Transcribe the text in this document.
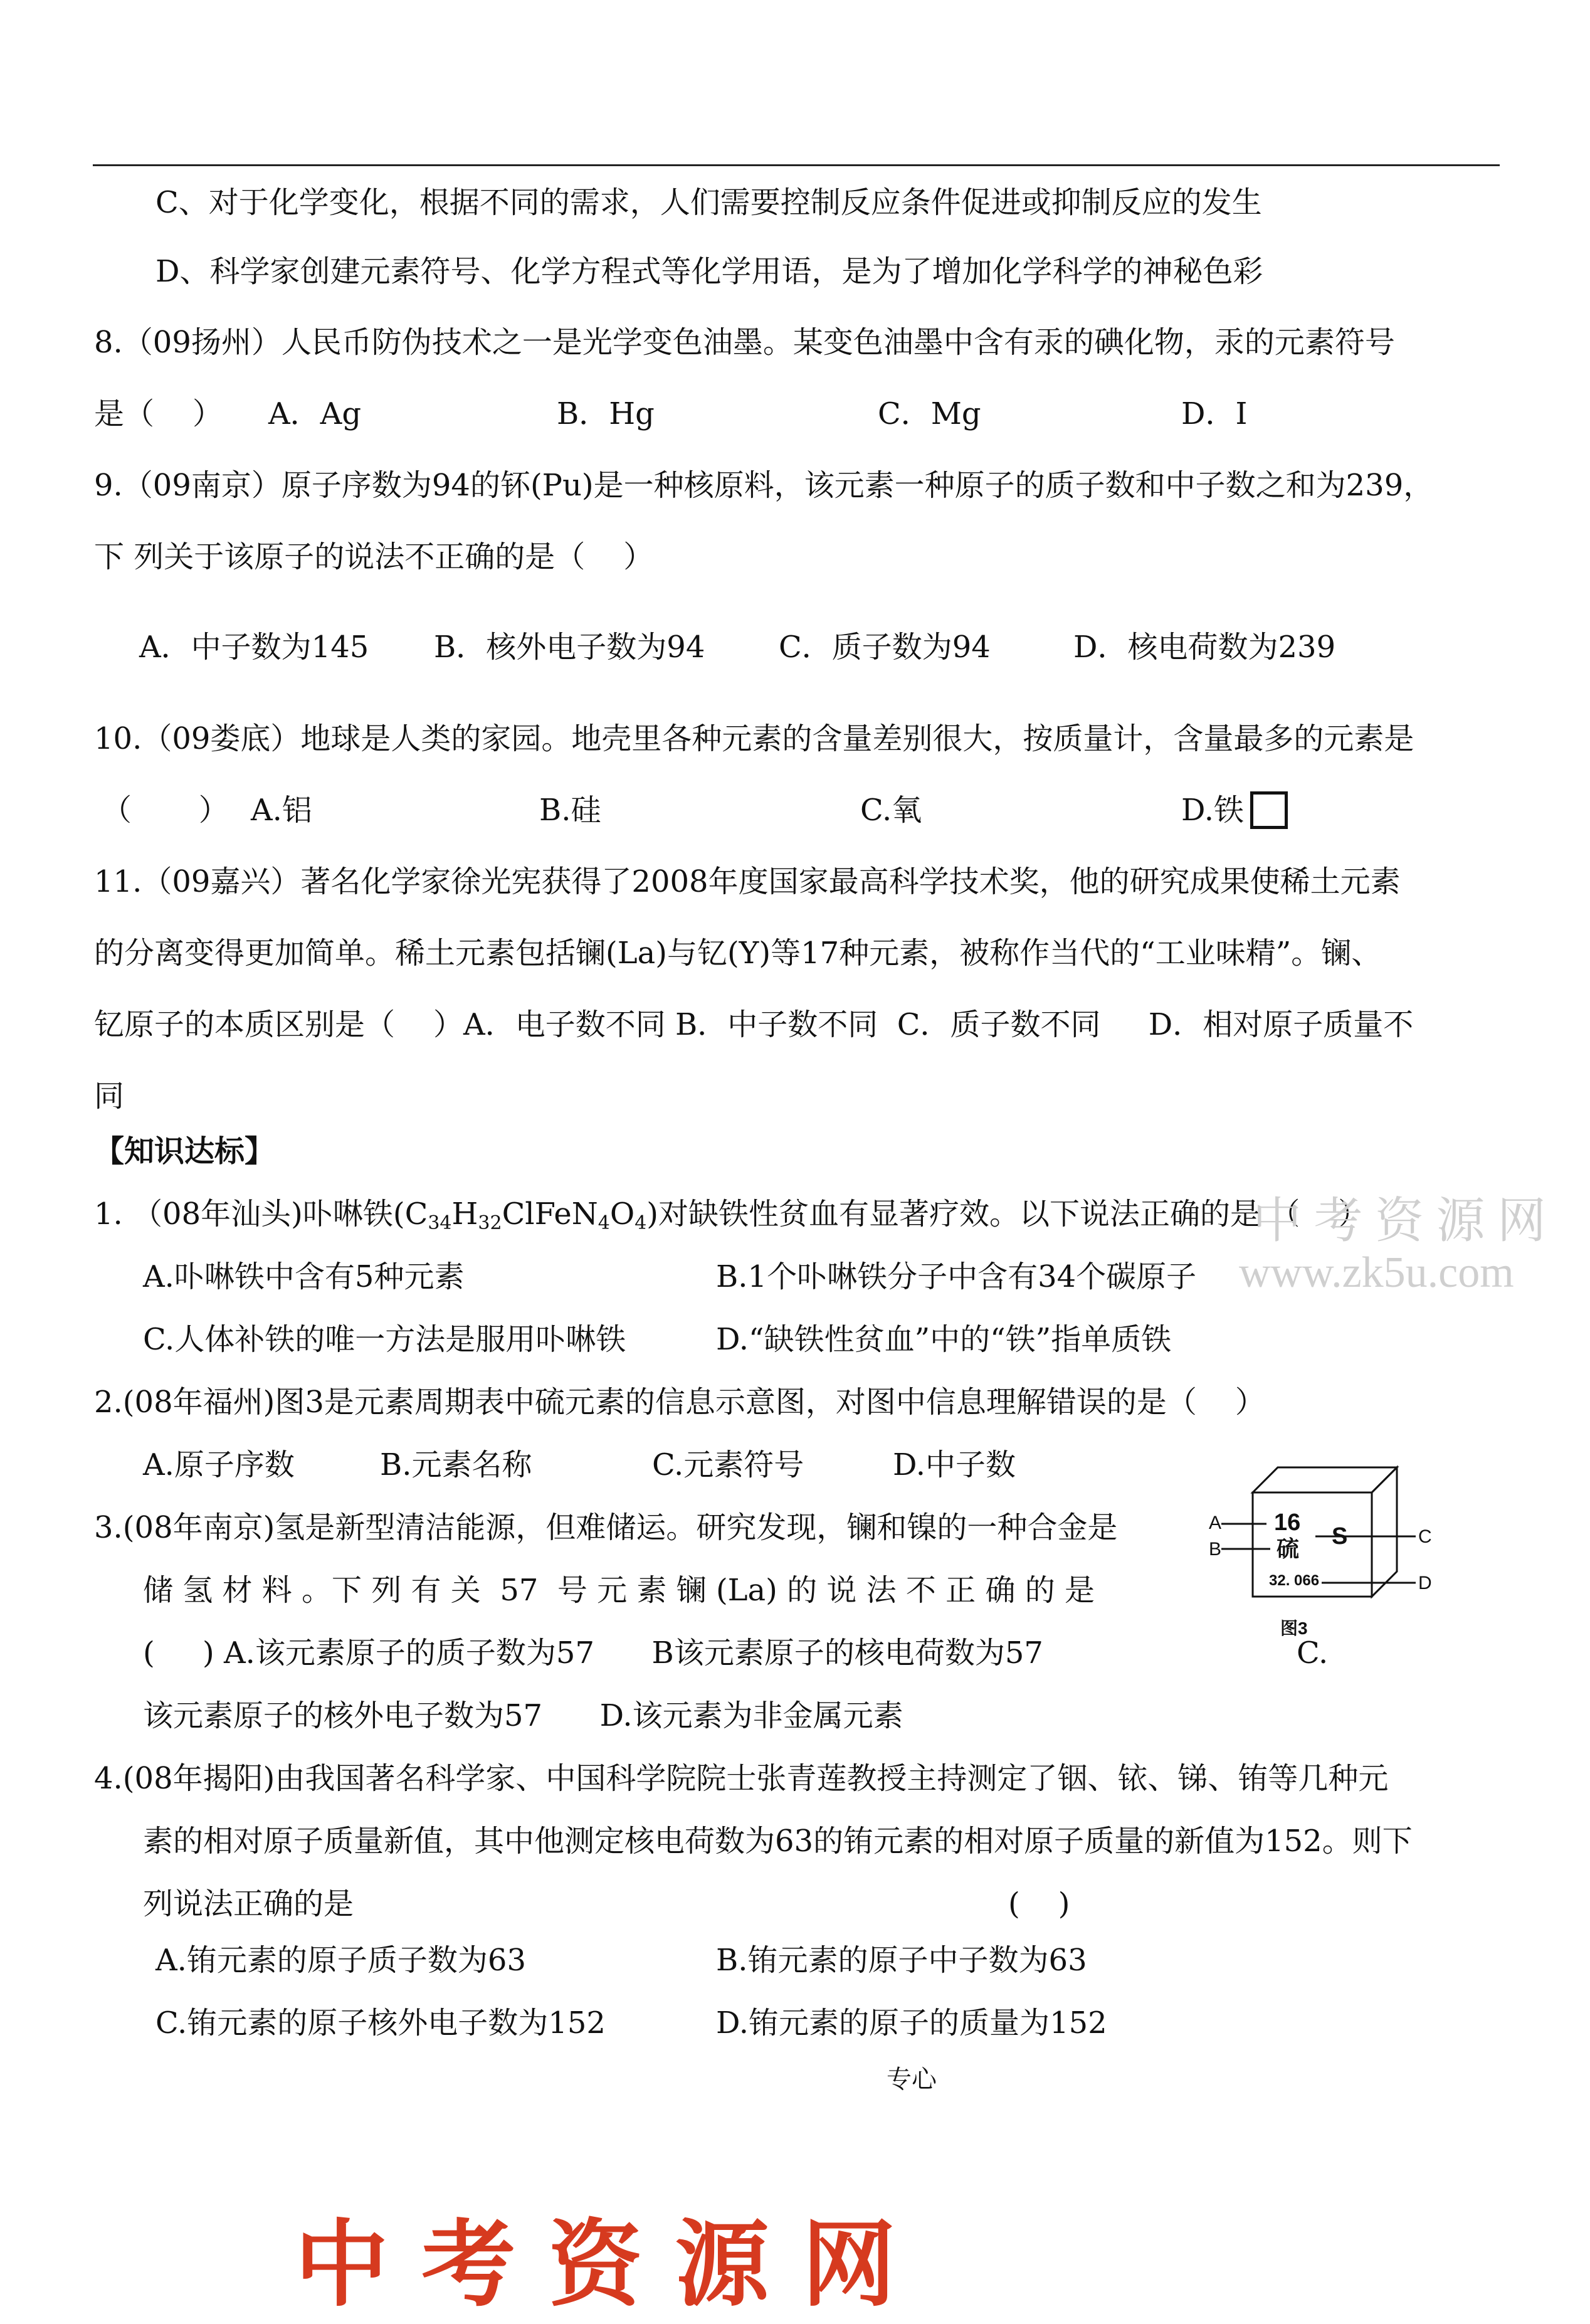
C、对于化学变化，根据不同的需求，人们需要控制反应条件促进或抑制反应的发生
D、科学家创建元素符号、化学方程式等化学用语，是为了增加化学科学的神秘色彩
8.（09扬州）人民币防伪技术之一是光学变色油墨。某变色油墨中含有汞的碘化物，汞的元素符号
是（    ） A．Ag	B．Hg	C．Mg	D．I
9.（09南京）原子序数为94的钚(Pu)是一种核原料，该元素一种原子的质子数和中子数之和为239，
下 列关于该原子的说法不正确的是（    ）
A．中子数为145 B．核外电子数为94 C．质子数为94	D．核电荷数为239
10.（09娄底）地球是人类的家园。地壳里各种元素的含量差别很大，按质量计，含量最多的元素是
（       ） A.铝	B.硅	C.氧	D.铁
11.（09嘉兴）著名化学家徐光宪获得了2008年度国家最高科学技术奖，他的研究成果使稀土元素
的分离变得更加简单。稀土元素包括镧(La)与钇(Y)等17种元素，被称作当代的“工业味精”。镧、
钇原子的本质区别是（    ）A．电子数不同 B．中子数不同  C．质子数不同     D．相对原子质量不
同
【知识达标】
1. （08年汕头)卟啉铁$(C_{34}H_{32}ClFeN_4O_4)$对缺铁性贫血有显著疗效。以下说法正确的是 （    ）
A.卟啉铁中含有5种元素	B.1个卟啉铁分子中含有34个碳原子
C.人体补铁的唯一方法是服用卟啉铁	D.“缺铁性贫血”中的“铁”指单质铁
2.(08年福州)图3是元素周期表中硫元素的信息示意图，对图中信息理解错误的是（    ）
A.原子序数	B.元素名称	C.元素符号	D.中子数
3.(08年南京)氢是新型清洁能源，但难储运。研究发现，镧和镍的一种合金是
储 氢 材 料 。下 列 有 关  57  号 元 素 镧 (La) 的 说 法 不 正 确 的 是
(     ) A.该元素原子的质子数为57      B该元素原子的核电荷数为57	C.
该元素原子的核外电子数为57      D.该元素为非金属元素
A
B
C
D
16
硫 S
32. 066
图3
4.(08年揭阳)由我国著名科学家、中国科学院院士张青莲教授主持测定了铟、铱、锑、铕等几种元
素的相对原子质量新值，其中他测定核电荷数为63的铕元素的相对原子质量的新值为152。则下
列说法正确的是	(    )
A.铕元素的原子质子数为63	B.铕元素的原子中子数为63
C.铕元素的原子核外电子数为152	D.铕元素的原子的质量为152
专心
中 考 资 源 网
www.zk5u.com
中 考 资 源 网
